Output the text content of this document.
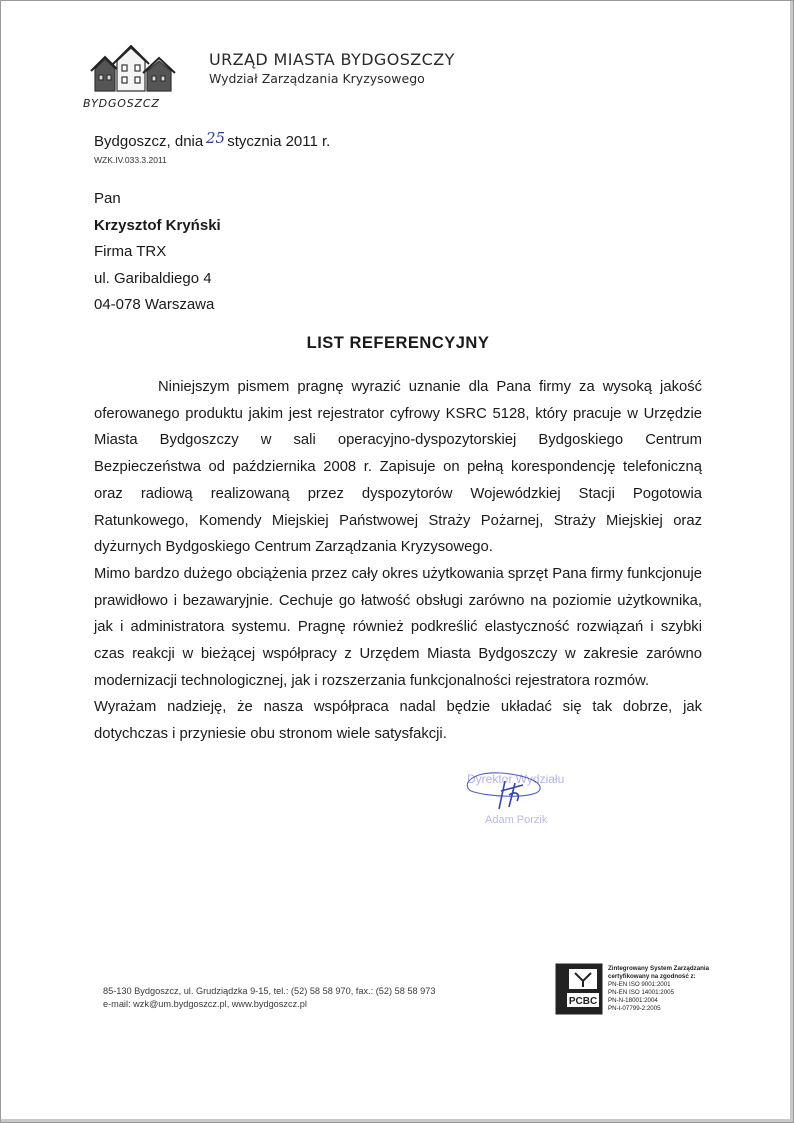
BYDGOSZCZ
URZĄD MIASTA BYDGOSZCZY
Wydział Zarządzania Kryzysowego
Bydgoszcz, dnia 25 stycznia 2011 r.
WZK.IV.033.3.2011
Pan
Krzysztof Kryński
Firma TRX
ul. Garibaldiego 4
04-078 Warszawa
LIST REFERENCYJNY

Niniejszym pismem pragnę wyrazić uznanie dla Pana firmy za wysoką jakość oferowanego produktu jakim jest rejestrator cyfrowy KSRC 5128, który pracuje w Urzędzie Miasta Bydgoszczy w sali operacyjno-dyspozytorskiej Bydgoskiego Centrum Bezpieczeństwa od października 2008 r. Zapisuje on pełną korespondencję telefoniczną oraz radiową realizowaną przez dyspozytorów Wojewódzkiej Stacji Pogotowia Ratunkowego, Komendy Miejskiej Państwowej Straży Pożarnej, Straży Miejskiej oraz dyżurnych Bydgoskiego Centrum Zarządzania Kryzysowego.

Mimo bardzo dużego obciążenia przez cały okres użytkowania sprzęt Pana firmy funkcjonuje prawidłowo i bezawaryjnie. Cechuje go łatwość obsługi zarówno na poziomie użytkownika, jak i administratora systemu. Pragnę również podkreślić elastyczność rozwiązań i szybki czas reakcji w bieżącej współpracy z Urzędem Miasta Bydgoszczy w zakresie zarówno modernizacji technologicznej, jak i rozszerzania funkcjonalności rejestratora rozmów.

Wyrażam nadzieję, że nasza współpraca nadal będzie układać się tak dobrze, jak dotychczas i przyniesie obu stronom wiele satysfakcji.

Dyrektor Wydziału
Adam Porzik
85-130 Bydgoszcz, ul. Grudziądzka 9-15, tel.: (52) 58 58 970, fax.: (52) 58 58 973
e-mail: wzk@um.bydgoszcz.pl, www.bydgoszcz.pl	PCBC
Zintegrowany System Zarządzania
certyfikowany na zgodność z:
PN-EN ISO 9001:2001
PN-EN ISO 14001:2005
PN-N-18001:2004
PN-I-07799-2:2005
